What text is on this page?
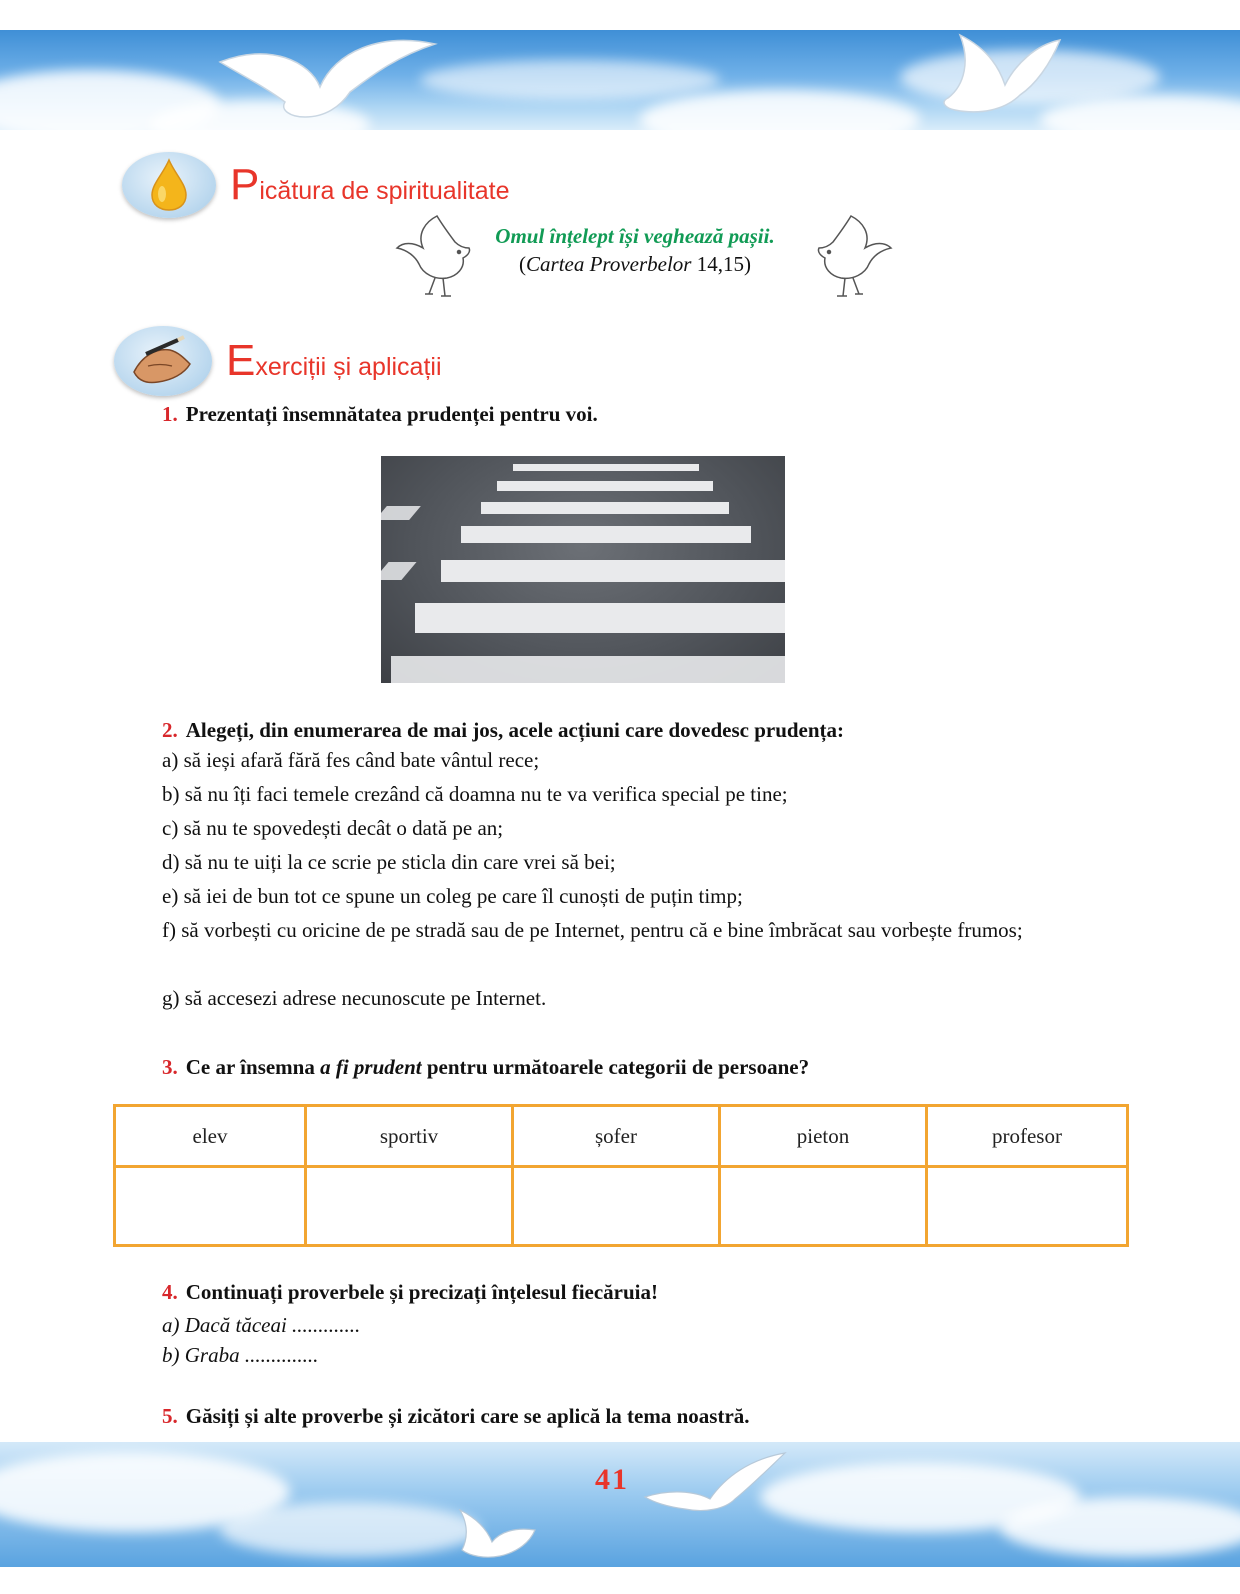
Picătura de spiritualitate
Omul înțelept își veghează pașii.
(Cartea Proverbelor 14,15)
Exerciții și aplicații
1. Prezentați însemnătatea prudenței pentru voi.
2. Alegeți, din enumerarea de mai jos, acele acțiuni care dovedesc prudența:
a) să ieși afară fără fes când bate vântul rece;
b) să nu îți faci temele crezând că doamna nu te va verifica special pe tine;
c) să nu te spovedești decât o dată pe an;
d) să nu te uiți la ce scrie pe sticla din care vrei să bei;
e) să iei de bun tot ce spune un coleg pe care îl cunoști de puțin timp;
f) să vorbești cu oricine de pe stradă sau de pe Internet, pentru că e bine îmbrăcat sau vorbește frumos;
g) să accesezi adrese necunoscute pe Internet.
3. Ce ar însemna a fi prudent pentru următoarele categorii de persoane?
elev	sportiv	șofer	pieton	profesor

4. Continuați proverbele și precizați înțelesul fiecăruia!
a) Dacă tăceai .............
b) Graba ..............
5. Găsiți și alte proverbe și zicători care se aplică la tema noastră.
41
